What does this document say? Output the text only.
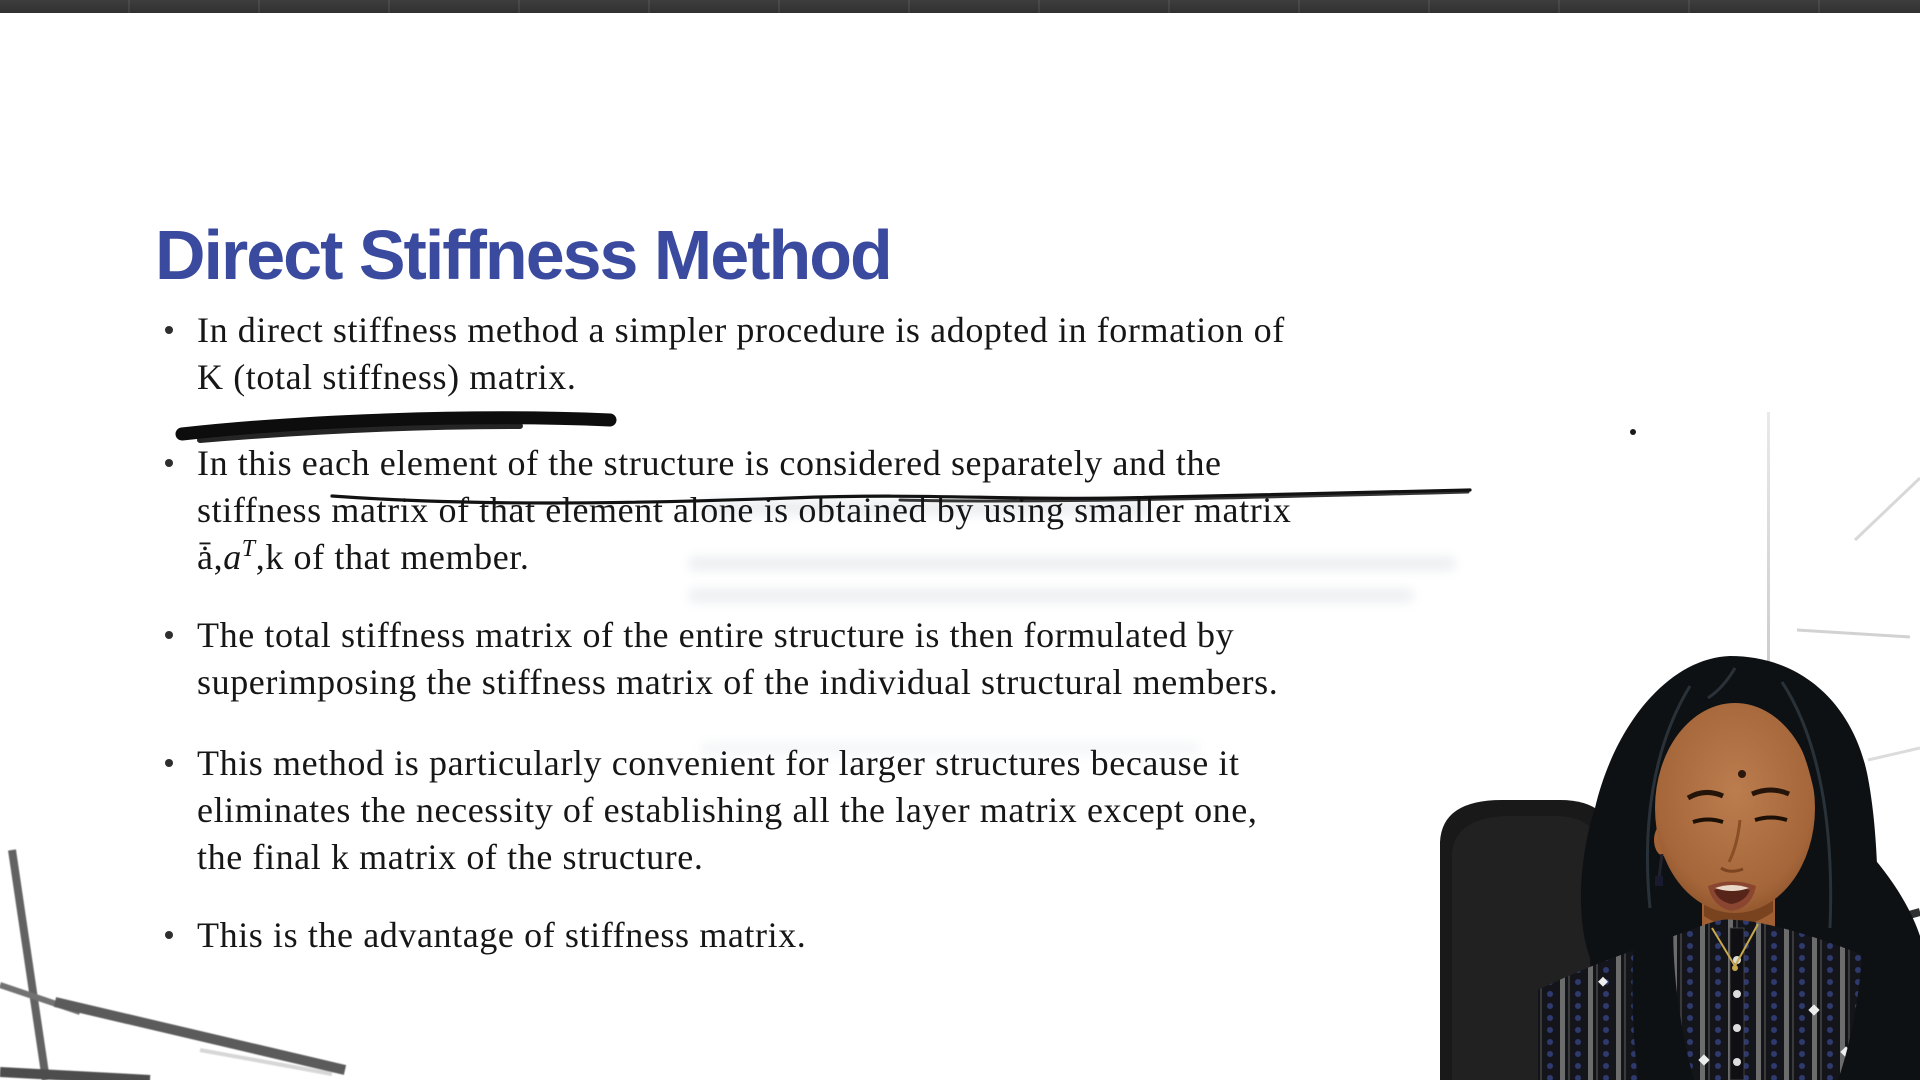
Direct Stiffness Method
In direct stiffness method a simpler procedure is adopted in formation of
K (total stiffness) matrix.
In this each element of the structure is considered separately and the
stiffness matrix of that element alone is obtained by using smaller matrix
$ǡ,a^T,k$ of that member.
The total stiffness matrix of the entire structure is then formulated by
superimposing the stiffness matrix of the individual structural members.
This method is particularly convenient for larger structures because it
eliminates the necessity of establishing all the layer matrix except one,
the final k matrix of the structure.
This is the advantage of stiffness matrix.
